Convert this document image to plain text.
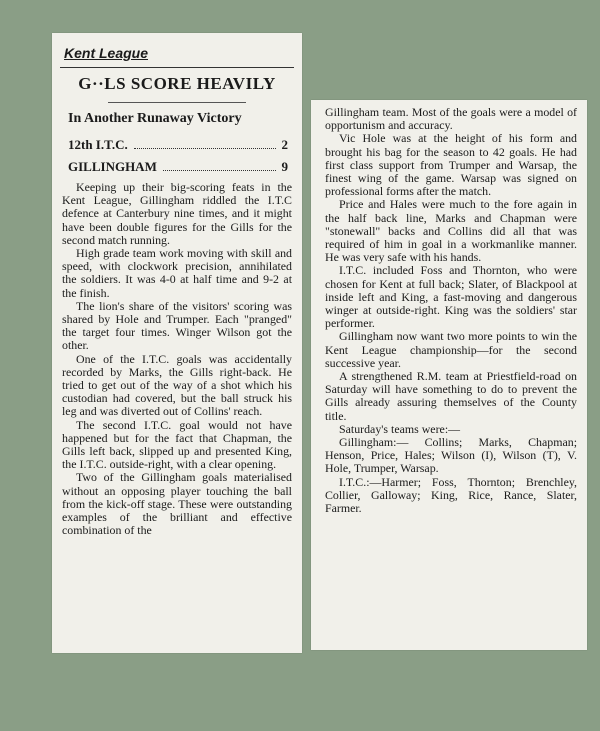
Kent League
G··LS SCORE HEAVILY
In Another Runaway Victory
12th I.T.C.	2
GILLINGHAM	9

Keeping up their big-scoring feats in the Kent League, Gillingham riddled the I.T.C defence at Canterbury nine times, and it might have been double figures for the Gills for the second match running.

High grade team work moving with skill and speed, with clockwork precision, annihilated the soldiers. It was 4-0 at half time and 9-2 at the finish.

The lion's share of the visitors' scoring was shared by Hole and Trumper. Each "pranged" the target four times. Winger Wilson got the other.

One of the I.T.C. goals was accidentally recorded by Marks, the Gills right-back. He tried to get out of the way of a shot which his custodian had covered, but the ball struck his leg and was diverted out of Collins' reach.

The second I.T.C. goal would not have happened but for the fact that Chapman, the Gills left back, slipped up and presented King, the I.T.C. outside-right, with a clear opening.

Two of the Gillingham goals materialised without an opposing player touching the ball from the kick-off stage. These were outstanding examples of the brilliant and effective combination of the

Gillingham team. Most of the goals were a model of opportunism and accuracy.

Vic Hole was at the height of his form and brought his bag for the season to 42 goals. He had first class support from Trumper and Warsap, the finest wing of the game. Warsap was signed on professional forms after the match.

Price and Hales were much to the fore again in the half back line, Marks and Chapman were "stonewall" backs and Collins did all that was required of him in goal in a workmanlike manner. He was very safe with his hands.

I.T.C. included Foss and Thornton, who were chosen for Kent at full back; Slater, of Blackpool at inside left and King, a fast-moving and dangerous winger at outside-right. King was the soldiers' star performer.

Gillingham now want two more points to win the Kent League championship—for the second successive year.

A strengthened R.M. team at Priestfield-road on Saturday will have something to do to prevent the Gills already assuring themselves of the County title.

Saturday's teams were:—

Gillingham:— Collins; Marks, Chapman; Henson, Price, Hales; Wilson (I), Wilson (T), V. Hole, Trumper, Warsap.

I.T.C.:—Harmer; Foss, Thornton; Brenchley, Collier, Galloway; King, Rice, Rance, Slater, Farmer.
